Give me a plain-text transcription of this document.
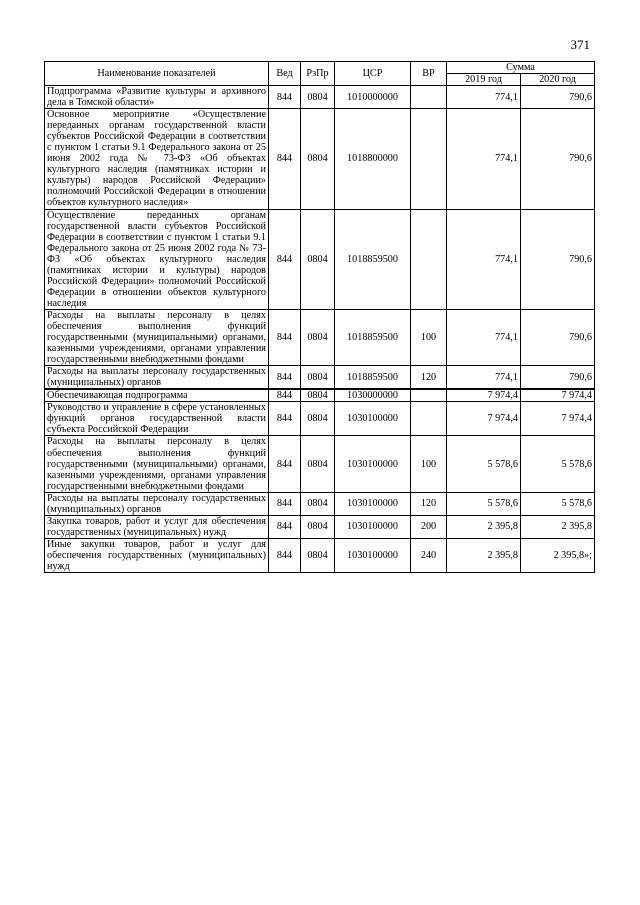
371
Наименование показателей	Вед	РзПр	ЦСР	ВР	Сумма	
					2019 год	2020 год
Подпрограмма «Развитие культуры и архивного дела в Томской области»	844	0804	1010000000		774,1	790,6
Основное мероприятие «Осуществление переданных органам государственной власти субъектов Российской Федерации в соответствии с пунктом 1 статьи 9.1 Федерального закона от 25 июня 2002 года № 73-ФЗ «Об объектах культурного наследия (памятниках истории и культуры) народов Российской Федерации» полномочий Российской Федерации в отношении объектов культурного наследия»	844	0804	1018800000		774,1	790,6
Осуществление переданных органам государственной власти субъектов Российской Федерации в соответствии с пунктом 1 статьи 9.1 Федерального закона от 25 июня 2002 года № 73-ФЗ «Об объектах культурного наследия (памятниках истории и культуры) народов Российской Федерации» полномочий Российской Федерации в отношении объектов культурного наследия	844	0804	1018859500		774,1	790,6
Расходы на выплаты персоналу в целях обеспечения выполнения функций государственными (муниципальными) органами, казенными учреждениями, органами управления государственными внебюджетными фондами	844	0804	1018859500	100	774,1	790,6
Расходы на выплаты персоналу государственных (муниципальных) органов	844	0804	1018859500	120	774,1	790,6
Обеспечивающая подпрограмма	844	0804	1030000000		7 974,4	7 974,4
Руководство и управление в сфере установленных функций органов государственной власти субъекта Российской Федерации	844	0804	1030100000		7 974,4	7 974,4
Расходы на выплаты персоналу в целях обеспечения выполнения функций государственными (муниципальными) органами, казенными учреждениями, органами управления государственными внебюджетными фондами	844	0804	1030100000	100	5 578,6	5 578,6
Расходы на выплаты персоналу государственных (муниципальных) органов	844	0804	1030100000	120	5 578,6	5 578,6
Закупка товаров, работ и услуг для обеспечения государственных (муниципальных) нужд	844	0804	1030100000	200	2 395,8	2 395,8
Иные закупки товаров, работ и услуг для обеспечения государственных (муниципальных) нужд	844	0804	1030100000	240	2 395,8	2 395,8»;
